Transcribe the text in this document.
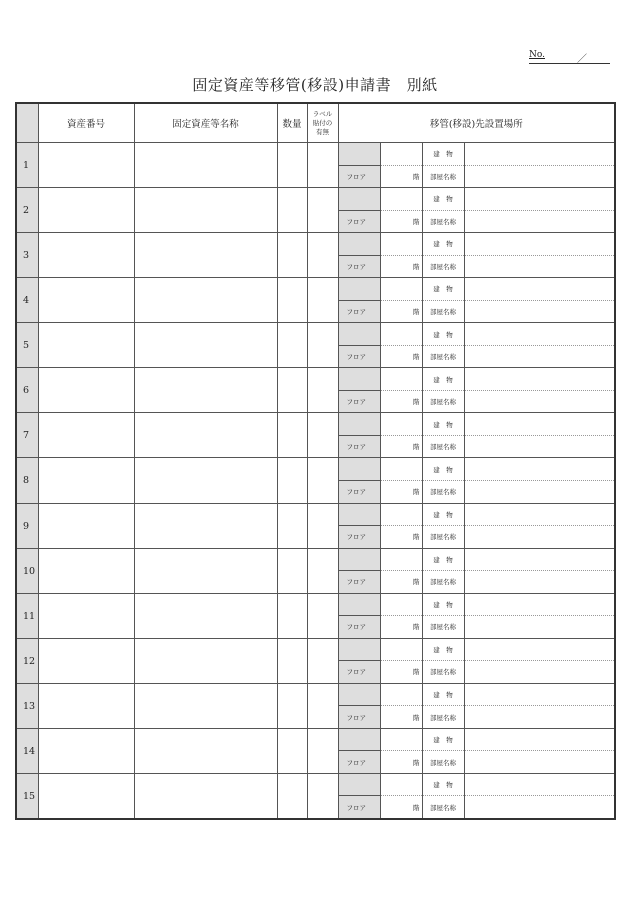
No.	／
固定資産等移管(移設)申請書　別紙
	資産番号	固定資産等名称	数量	ラベル
貼付の
有無	移管(移設)先設置場所			
1							建　物	
					フロア	階	部屋名称	
2							建　物	
					フロア	階	部屋名称	
3							建　物	
					フロア	階	部屋名称	
4							建　物	
					フロア	階	部屋名称	
5							建　物	
					フロア	階	部屋名称	
6							建　物	
					フロア	階	部屋名称	
7							建　物	
					フロア	階	部屋名称	
8							建　物	
					フロア	階	部屋名称	
9							建　物	
					フロア	階	部屋名称	
10							建　物	
					フロア	階	部屋名称	
11							建　物	
					フロア	階	部屋名称	
12							建　物	
					フロア	階	部屋名称	
13							建　物	
					フロア	階	部屋名称	
14							建　物	
					フロア	階	部屋名称	
15							建　物	
					フロア	階	部屋名称	
